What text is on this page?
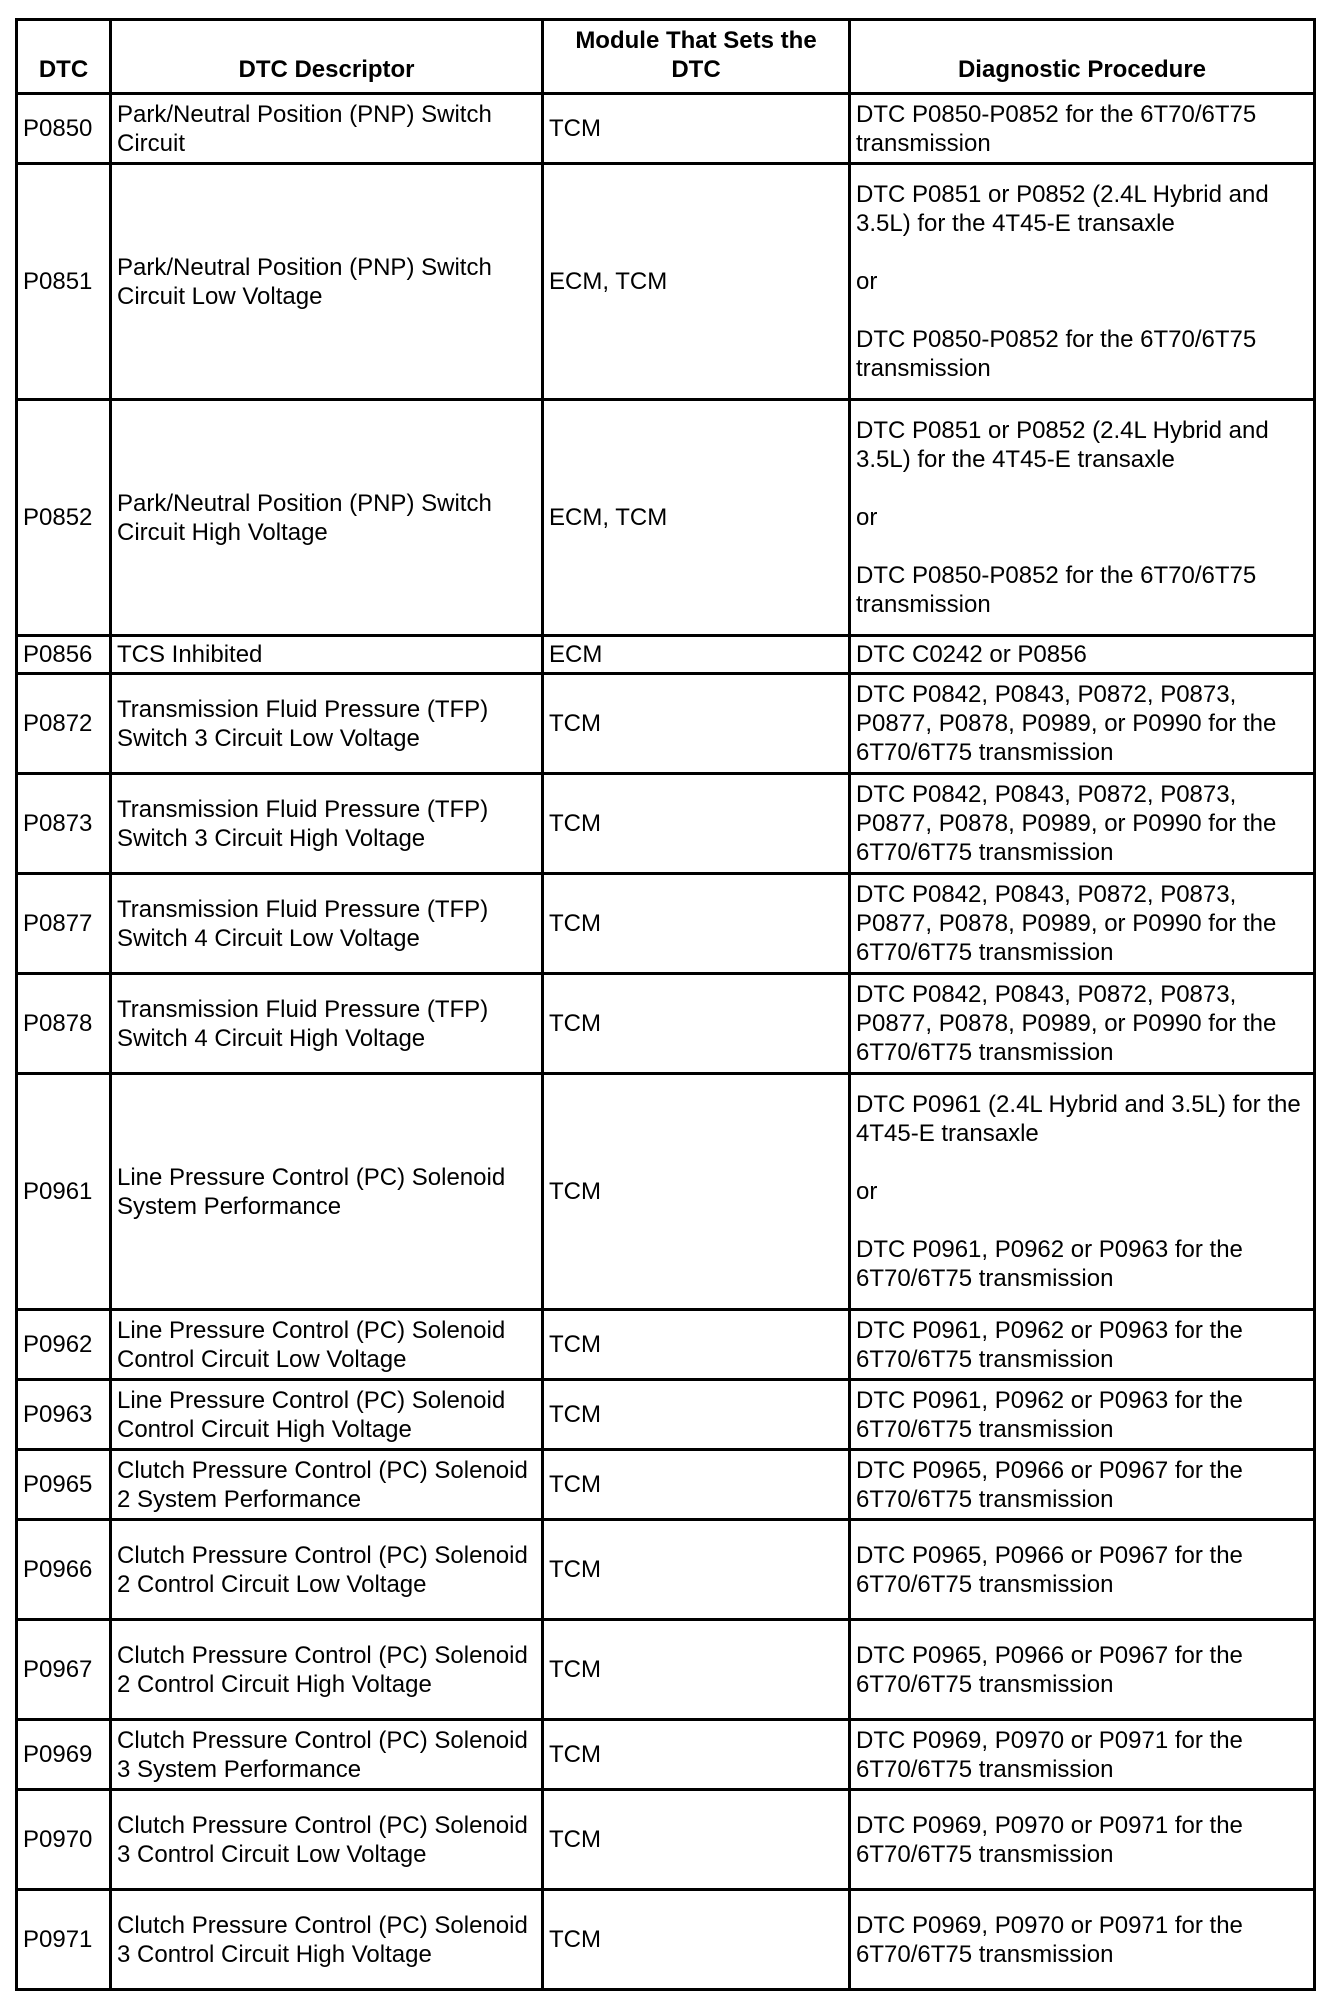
DTC	DTC Descriptor	Module That Sets the DTC	Diagnostic Procedure
P0850	Park/Neutral Position (PNP) Switch Circuit	TCM	DTC P0850-P0852 for the 6T70/6T75 transmission
P0851	Park/Neutral Position (PNP) Switch Circuit Low Voltage	ECM, TCM	DTC P0851 or P0852 (2.4L Hybrid and 3.5L) for the 4T45-E transaxle

or

DTC P0850-P0852 for the 6T70/6T75 transmission
P0852	Park/Neutral Position (PNP) Switch Circuit High Voltage	ECM, TCM	DTC P0851 or P0852 (2.4L Hybrid and 3.5L) for the 4T45-E transaxle

or

DTC P0850-P0852 for the 6T70/6T75 transmission
P0856	TCS Inhibited	ECM	DTC C0242 or P0856
P0872	Transmission Fluid Pressure (TFP) Switch 3 Circuit Low Voltage	TCM	DTC P0842, P0843, P0872, P0873, P0877, P0878, P0989, or P0990 for the 6T70/6T75 transmission
P0873	Transmission Fluid Pressure (TFP) Switch 3 Circuit High Voltage	TCM	DTC P0842, P0843, P0872, P0873, P0877, P0878, P0989, or P0990 for the 6T70/6T75 transmission
P0877	Transmission Fluid Pressure (TFP) Switch 4 Circuit Low Voltage	TCM	DTC P0842, P0843, P0872, P0873, P0877, P0878, P0989, or P0990 for the 6T70/6T75 transmission
P0878	Transmission Fluid Pressure (TFP) Switch 4 Circuit High Voltage	TCM	DTC P0842, P0843, P0872, P0873, P0877, P0878, P0989, or P0990 for the 6T70/6T75 transmission
P0961	Line Pressure Control (PC) Solenoid System Performance	TCM	DTC P0961 (2.4L Hybrid and 3.5L) for the 4T45-E transaxle

or

DTC P0961, P0962 or P0963 for the 6T70/6T75 transmission
P0962	Line Pressure Control (PC) Solenoid Control Circuit Low Voltage	TCM	DTC P0961, P0962 or P0963 for the 6T70/6T75 transmission
P0963	Line Pressure Control (PC) Solenoid Control Circuit High Voltage	TCM	DTC P0961, P0962 or P0963 for the 6T70/6T75 transmission
P0965	Clutch Pressure Control (PC) Solenoid 2 System Performance	TCM	DTC P0965, P0966 or P0967 for the 6T70/6T75 transmission
P0966	Clutch Pressure Control (PC) Solenoid 2 Control Circuit Low Voltage	TCM	DTC P0965, P0966 or P0967 for the 6T70/6T75 transmission
P0967	Clutch Pressure Control (PC) Solenoid 2 Control Circuit High Voltage	TCM	DTC P0965, P0966 or P0967 for the 6T70/6T75 transmission
P0969	Clutch Pressure Control (PC) Solenoid 3 System Performance	TCM	DTC P0969, P0970 or P0971 for the 6T70/6T75 transmission
P0970	Clutch Pressure Control (PC) Solenoid 3 Control Circuit Low Voltage	TCM	DTC P0969, P0970 or P0971 for the 6T70/6T75 transmission
P0971	Clutch Pressure Control (PC) Solenoid 3 Control Circuit High Voltage	TCM	DTC P0969, P0970 or P0971 for the 6T70/6T75 transmission
